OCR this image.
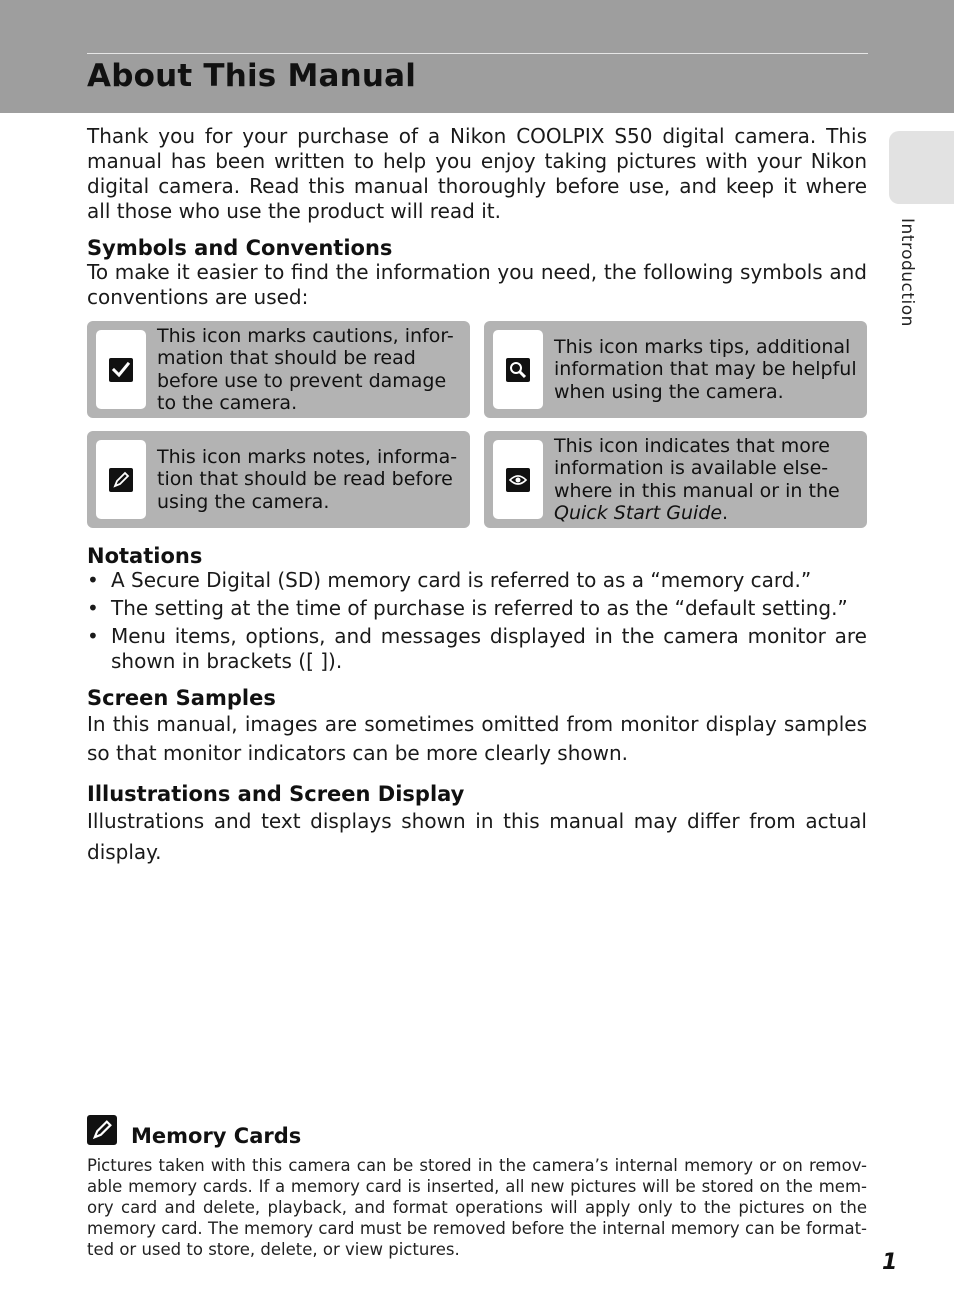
About This Manual
Introduction

Thank you for your purchase of a Nikon COOLPIX S50 digital camera. This manual has been written to help you enjoy taking pictures with your Nikon digital camera. Read this manual thoroughly before use, and keep it where all those who use the product will read it.

Symbols and Conventions

To make it easier to find the information you need, the following symbols and conventions are used:

This icon marks cautions, infor-mation that should be read before use to prevent damage to the camera.
This icon marks tips, additional information that may be helpful when using the camera.
This icon marks notes, informa-tion that should be read before using the camera.
This icon indicates that more information is available else-where in this manual or in the Quick Start Guide.
Notations
• A Secure Digital (SD) memory card is referred to as a “memory card.”
• The setting at the time of purchase is referred to as the “default setting.”
• Menu items, options, and messages displayed in the camera monitor are shown in brackets ([ ]).
Screen Samples

In this manual, images are sometimes omitted from monitor display samples so that monitor indicators can be more clearly shown.

Illustrations and Screen Display

Illustrations and text displays shown in this manual may differ from actual display.

Memory Cards

Pictures taken with this camera can be stored in the camera’s internal memory or on remov-able memory cards. If a memory card is inserted, all new pictures will be stored on the mem-ory card and delete, playback, and format operations will apply only to the pictures on the memory card. The memory card must be removed before the internal memory can be format-ted or used to store, delete, or view pictures.

1
